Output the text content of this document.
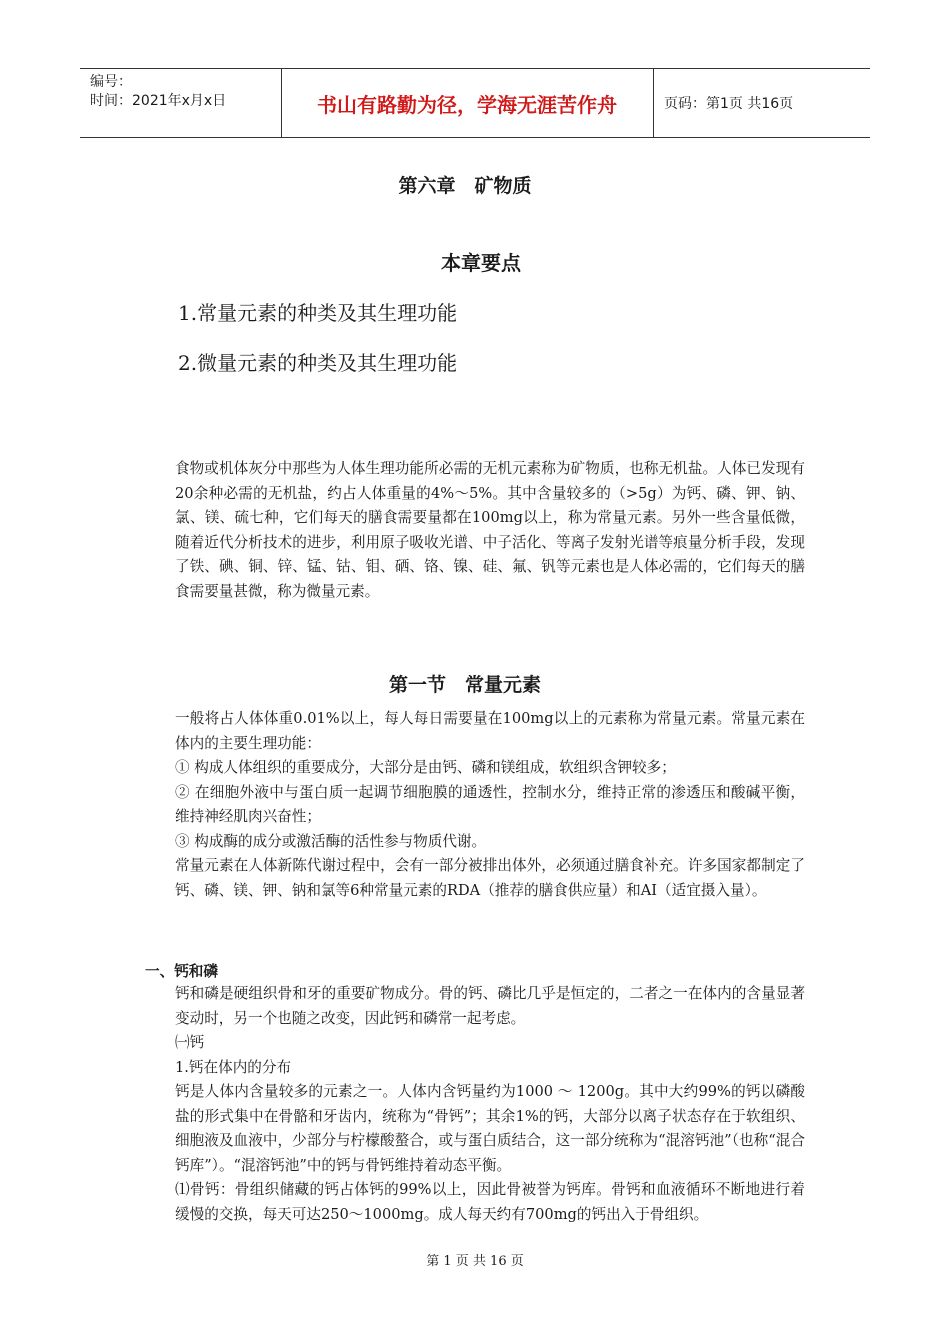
编号：
时间：2021年x月x日	书山有路勤为径，学海无涯苦作舟	页码：第1页 共16页
第六章　矿物质
本章要点
1.常量元素的种类及其生理功能
2.微量元素的种类及其生理功能
食物或机体灰分中那些为人体生理功能所必需的无机元素称为矿物质，也称无机盐。人体已发现有20余种必需的无机盐，约占人体重量的4%～5%。其中含量较多的（>5g）为钙、磷、钾、钠、氯、镁、硫七种，它们每天的膳食需要量都在100mg以上，称为常量元素。另外一些含量低微，随着近代分析技术的进步，利用原子吸收光谱、中子活化、等离子发射光谱等痕量分析手段，发现了铁、碘、铜、锌、锰、钴、钼、硒、铬、镍、硅、氟、钒等元素也是人体必需的，它们每天的膳食需要量甚微，称为微量元素。
第一节　常量元素
一般将占人体体重0.01%以上，每人每日需要量在100mg以上的元素称为常量元素。常量元素在体内的主要生理功能：
① 构成人体组织的重要成分，大部分是由钙、磷和镁组成，软组织含钾较多；
② 在细胞外液中与蛋白质一起调节细胞膜的通透性，控制水分，维持正常的渗透压和酸碱平衡，维持神经肌肉兴奋性；
③ 构成酶的成分或激活酶的活性参与物质代谢。
常量元素在人体新陈代谢过程中，会有一部分被排出体外，必须通过膳食补充。许多国家都制定了钙、磷、镁、钾、钠和氯等6种常量元素的RDA（推荐的膳食供应量）和AI（适宜摄入量）。
一、钙和磷
钙和磷是硬组织骨和牙的重要矿物成分。骨的钙、磷比几乎是恒定的，二者之一在体内的含量显著变动时，另一个也随之改变，因此钙和磷常一起考虑。
㈠钙
1.钙在体内的分布
钙是人体内含量较多的元素之一。人体内含钙量约为1000 ～ 1200g。其中大约99%的钙以磷酸盐的形式集中在骨骼和牙齿内，统称为“骨钙”；其余1%的钙，大部分以离子状态存在于软组织、细胞液及血液中，少部分与柠檬酸螯合，或与蛋白质结合，这一部分统称为“混溶钙池”（也称“混合钙库”）。“混溶钙池”中的钙与骨钙维持着动态平衡。
⑴骨钙：骨组织储藏的钙占体钙的99%以上，因此骨被誉为钙库。骨钙和血液循环不断地进行着缓慢的交换，每天可达250～1000mg。成人每天约有700mg的钙出入于骨组织。
第 1 页 共 16 页
